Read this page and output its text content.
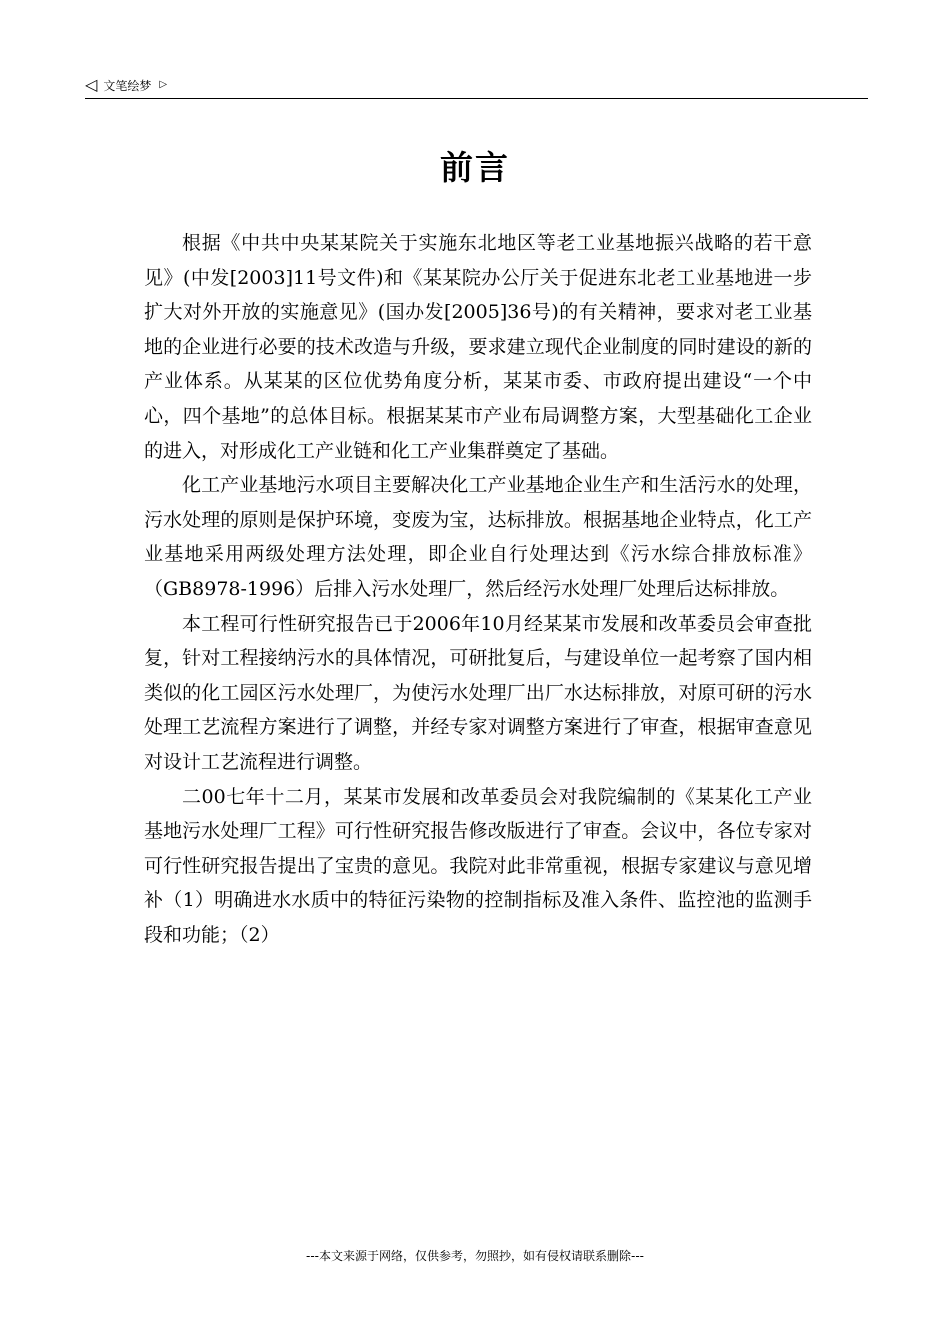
◁ 文笔绘梦 ▷
前言

根据《中共中央某某院关于实施东北地区等老工业基地振兴战略的若干意见》(中发[2003]11号文件)和《某某院办公厅关于促进东北老工业基地进一步扩大对外开放的实施意见》(国办发[2005]36号)的有关精神，要求对老工业基地的企业进行必要的技术改造与升级，要求建立现代企业制度的同时建设的新的产业体系。从某某的区位优势角度分析，某某市委、市政府提出建设“一个中心，四个基地”的总体目标。根据某某市产业布局调整方案，大型基础化工企业的进入，对形成化工产业链和化工产业集群奠定了基础。

化工产业基地污水项目主要解决化工产业基地企业生产和生活污水的处理，污水处理的原则是保护环境，变废为宝，达标排放。根据基地企业特点，化工产业基地采用两级处理方法处理，即企业自行处理达到《污水综合排放标准》（GB8978-1996）后排入污水处理厂，然后经污水处理厂处理后达标排放。

本工程可行性研究报告已于2006年10月经某某市发展和改革委员会审查批复，针对工程接纳污水的具体情况，可研批复后，与建设单位一起考察了国内相类似的化工园区污水处理厂，为使污水处理厂出厂水达标排放，对原可研的污水处理工艺流程方案进行了调整，并经专家对调整方案进行了审查，根据审查意见对设计工艺流程进行调整。

二00七年十二月，某某市发展和改革委员会对我院编制的《某某化工产业基地污水处理厂工程》可行性研究报告修改版进行了审查。会议中，各位专家对可行性研究报告提出了宝贵的意见。我院对此非常重视，根据专家建议与意见增补（1）明确进水水质中的特征污染物的控制指标及准入条件、监控池的监测手段和功能；（2）

---本文来源于网络，仅供参考，勿照抄，如有侵权请联系删除---
